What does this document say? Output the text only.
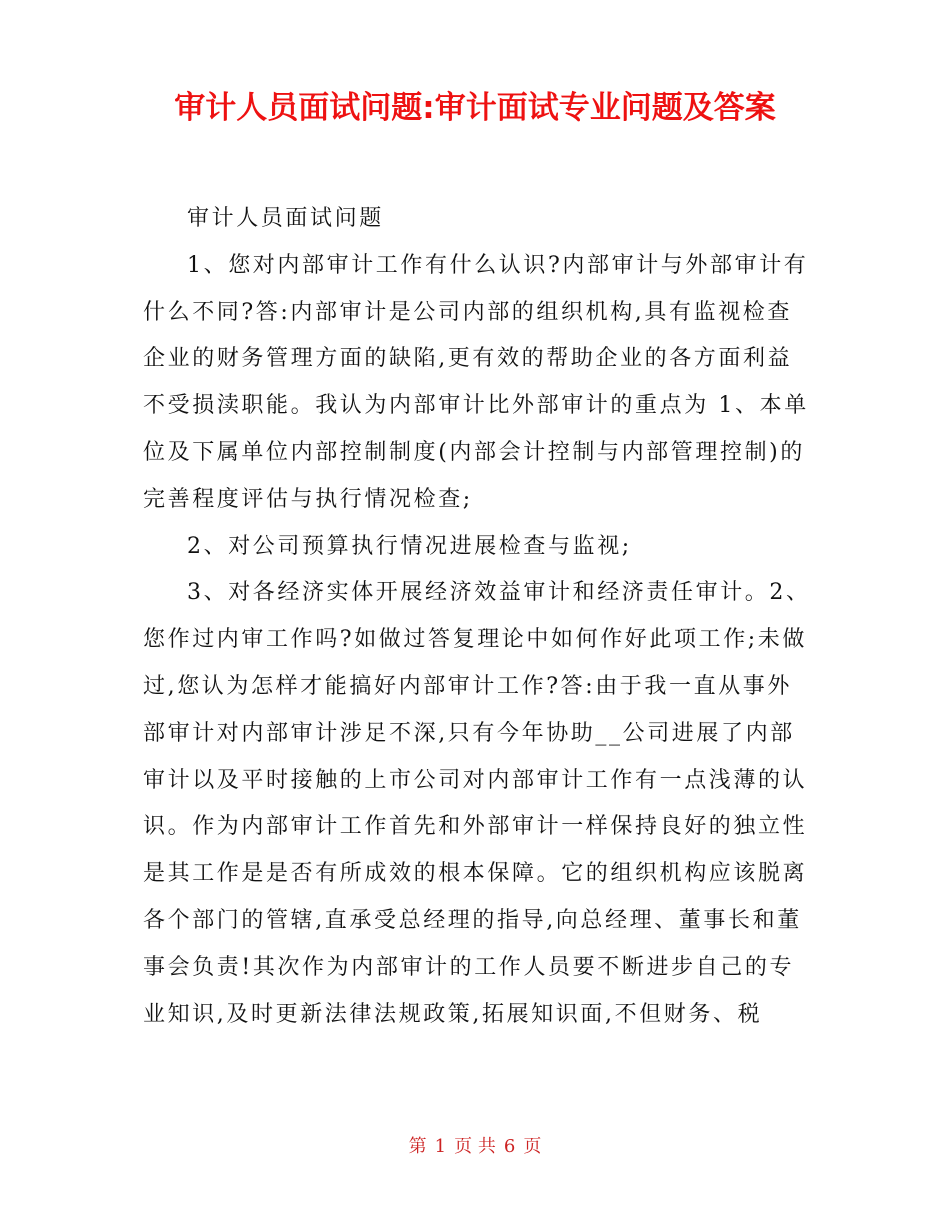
审计人员面试问题:审计面试专业问题及答案
审计人员面试问题
1、您对内部审计工作有什么认识?内部审计与外部审计有
什么不同?答:内部审计是公司内部的组织机构,具有监视检查
企业的财务管理方面的缺陷,更有效的帮助企业的各方面利益
不受损渎职能。我认为内部审计比外部审计的重点为 1、本单
位及下属单位内部控制制度(内部会计控制与内部管理控制)的
完善程度评估与执行情况检查;
2、对公司预算执行情况进展检查与监视;
3、对各经济实体开展经济效益审计和经济责任审计。2、
您作过内审工作吗?如做过答复理论中如何作好此项工作;未做
过,您认为怎样才能搞好内部审计工作?答:由于我一直从事外
部审计对内部审计涉足不深,只有今年协助__公司进展了内部
审计以及平时接触的上市公司对内部审计工作有一点浅薄的认
识。作为内部审计工作首先和外部审计一样保持良好的独立性
是其工作是是否有所成效的根本保障。它的组织机构应该脱离
各个部门的管辖,直承受总经理的指导,向总经理、董事长和董
事会负责!其次作为内部审计的工作人员要不断进步自己的专
业知识,及时更新法律法规政策,拓展知识面,不但财务、税
第 1 页 共 6 页
